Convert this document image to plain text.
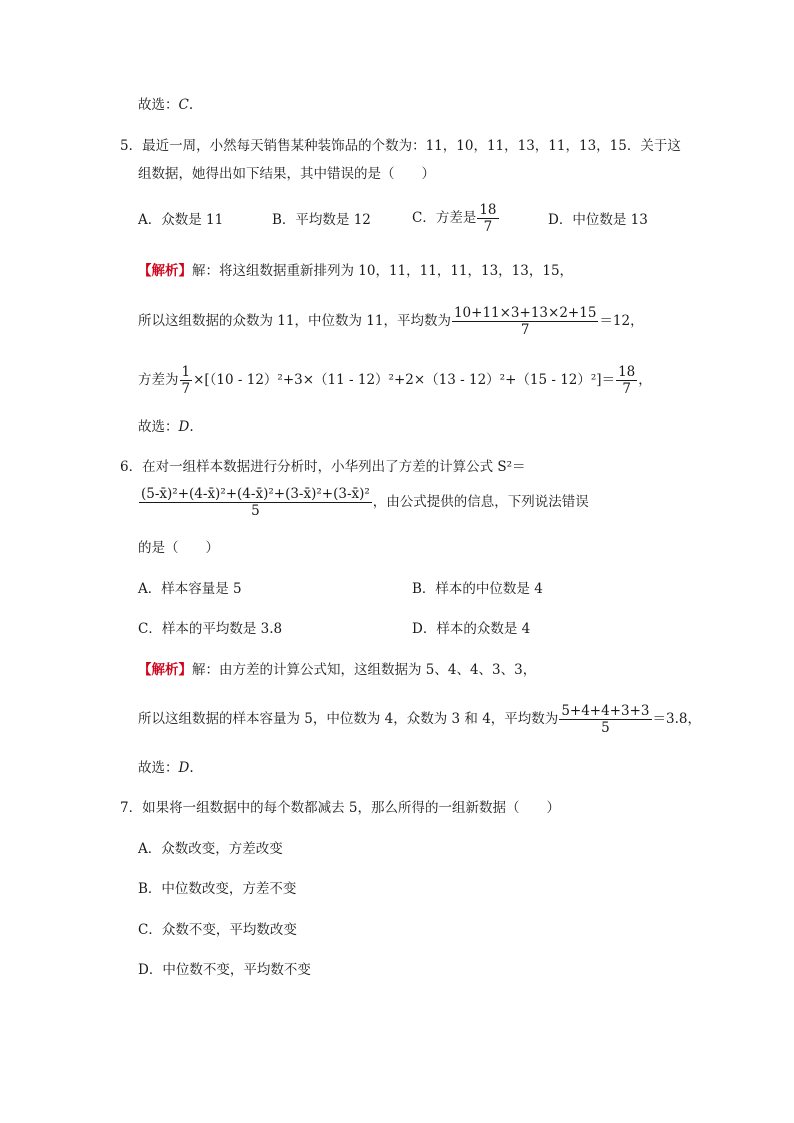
故选：C.
5．最近一周，小然每天销售某种装饰品的个数为：11，10，11，13，11，13，15．关于这
组数据，她得出如下结果，其中错误的是（　　）
A．众数是 11	B．平均数是 12	C．方差是 $\frac{18}{7}$	D．中位数是 13
【解析】解：将这组数据重新排列为 10，11，11，11，13，13，15，
所以这组数据的众数为 11，中位数为 11，平均数为 $\frac{10+11\times 3+13\times 2+15}{7} =12$，
方差为 $\frac{1}{7} \times[(10 - 12)^2+3\times(11 - 12)^2+2\times(13 - 12)^2+(15 - 12)^2]= \frac{18}{7}$ ，
故选：D.
6．在对一组样本数据进行分析时，小华列出了方差的计算公式 S²＝
$\frac{\text{(5-x̄)²+(4-x̄)²+(4-x̄)²+(3-x̄)²+(3-x̄)²}}{5}$ ，由公式提供的信息，下列说法错误
的是（　　）
A．样本容量是 5	B．样本的中位数是 4
C．样本的平均数是 3.8	D．样本的众数是 4
【解析】解：由方差的计算公式知，这组数据为 5、4、4、3、3，
所以这组数据的样本容量为 5，中位数为 4，众数为 3 和 4，平均数为 $\frac{5+4+4+3+3}{5} =3.8$，
故选：D.
7．如果将一组数据中的每个数都减去 5，那么所得的一组新数据（　　）
A．众数改变，方差改变
B．中位数改变，方差不变
C．众数不变，平均数改变
D．中位数不变，平均数不变
